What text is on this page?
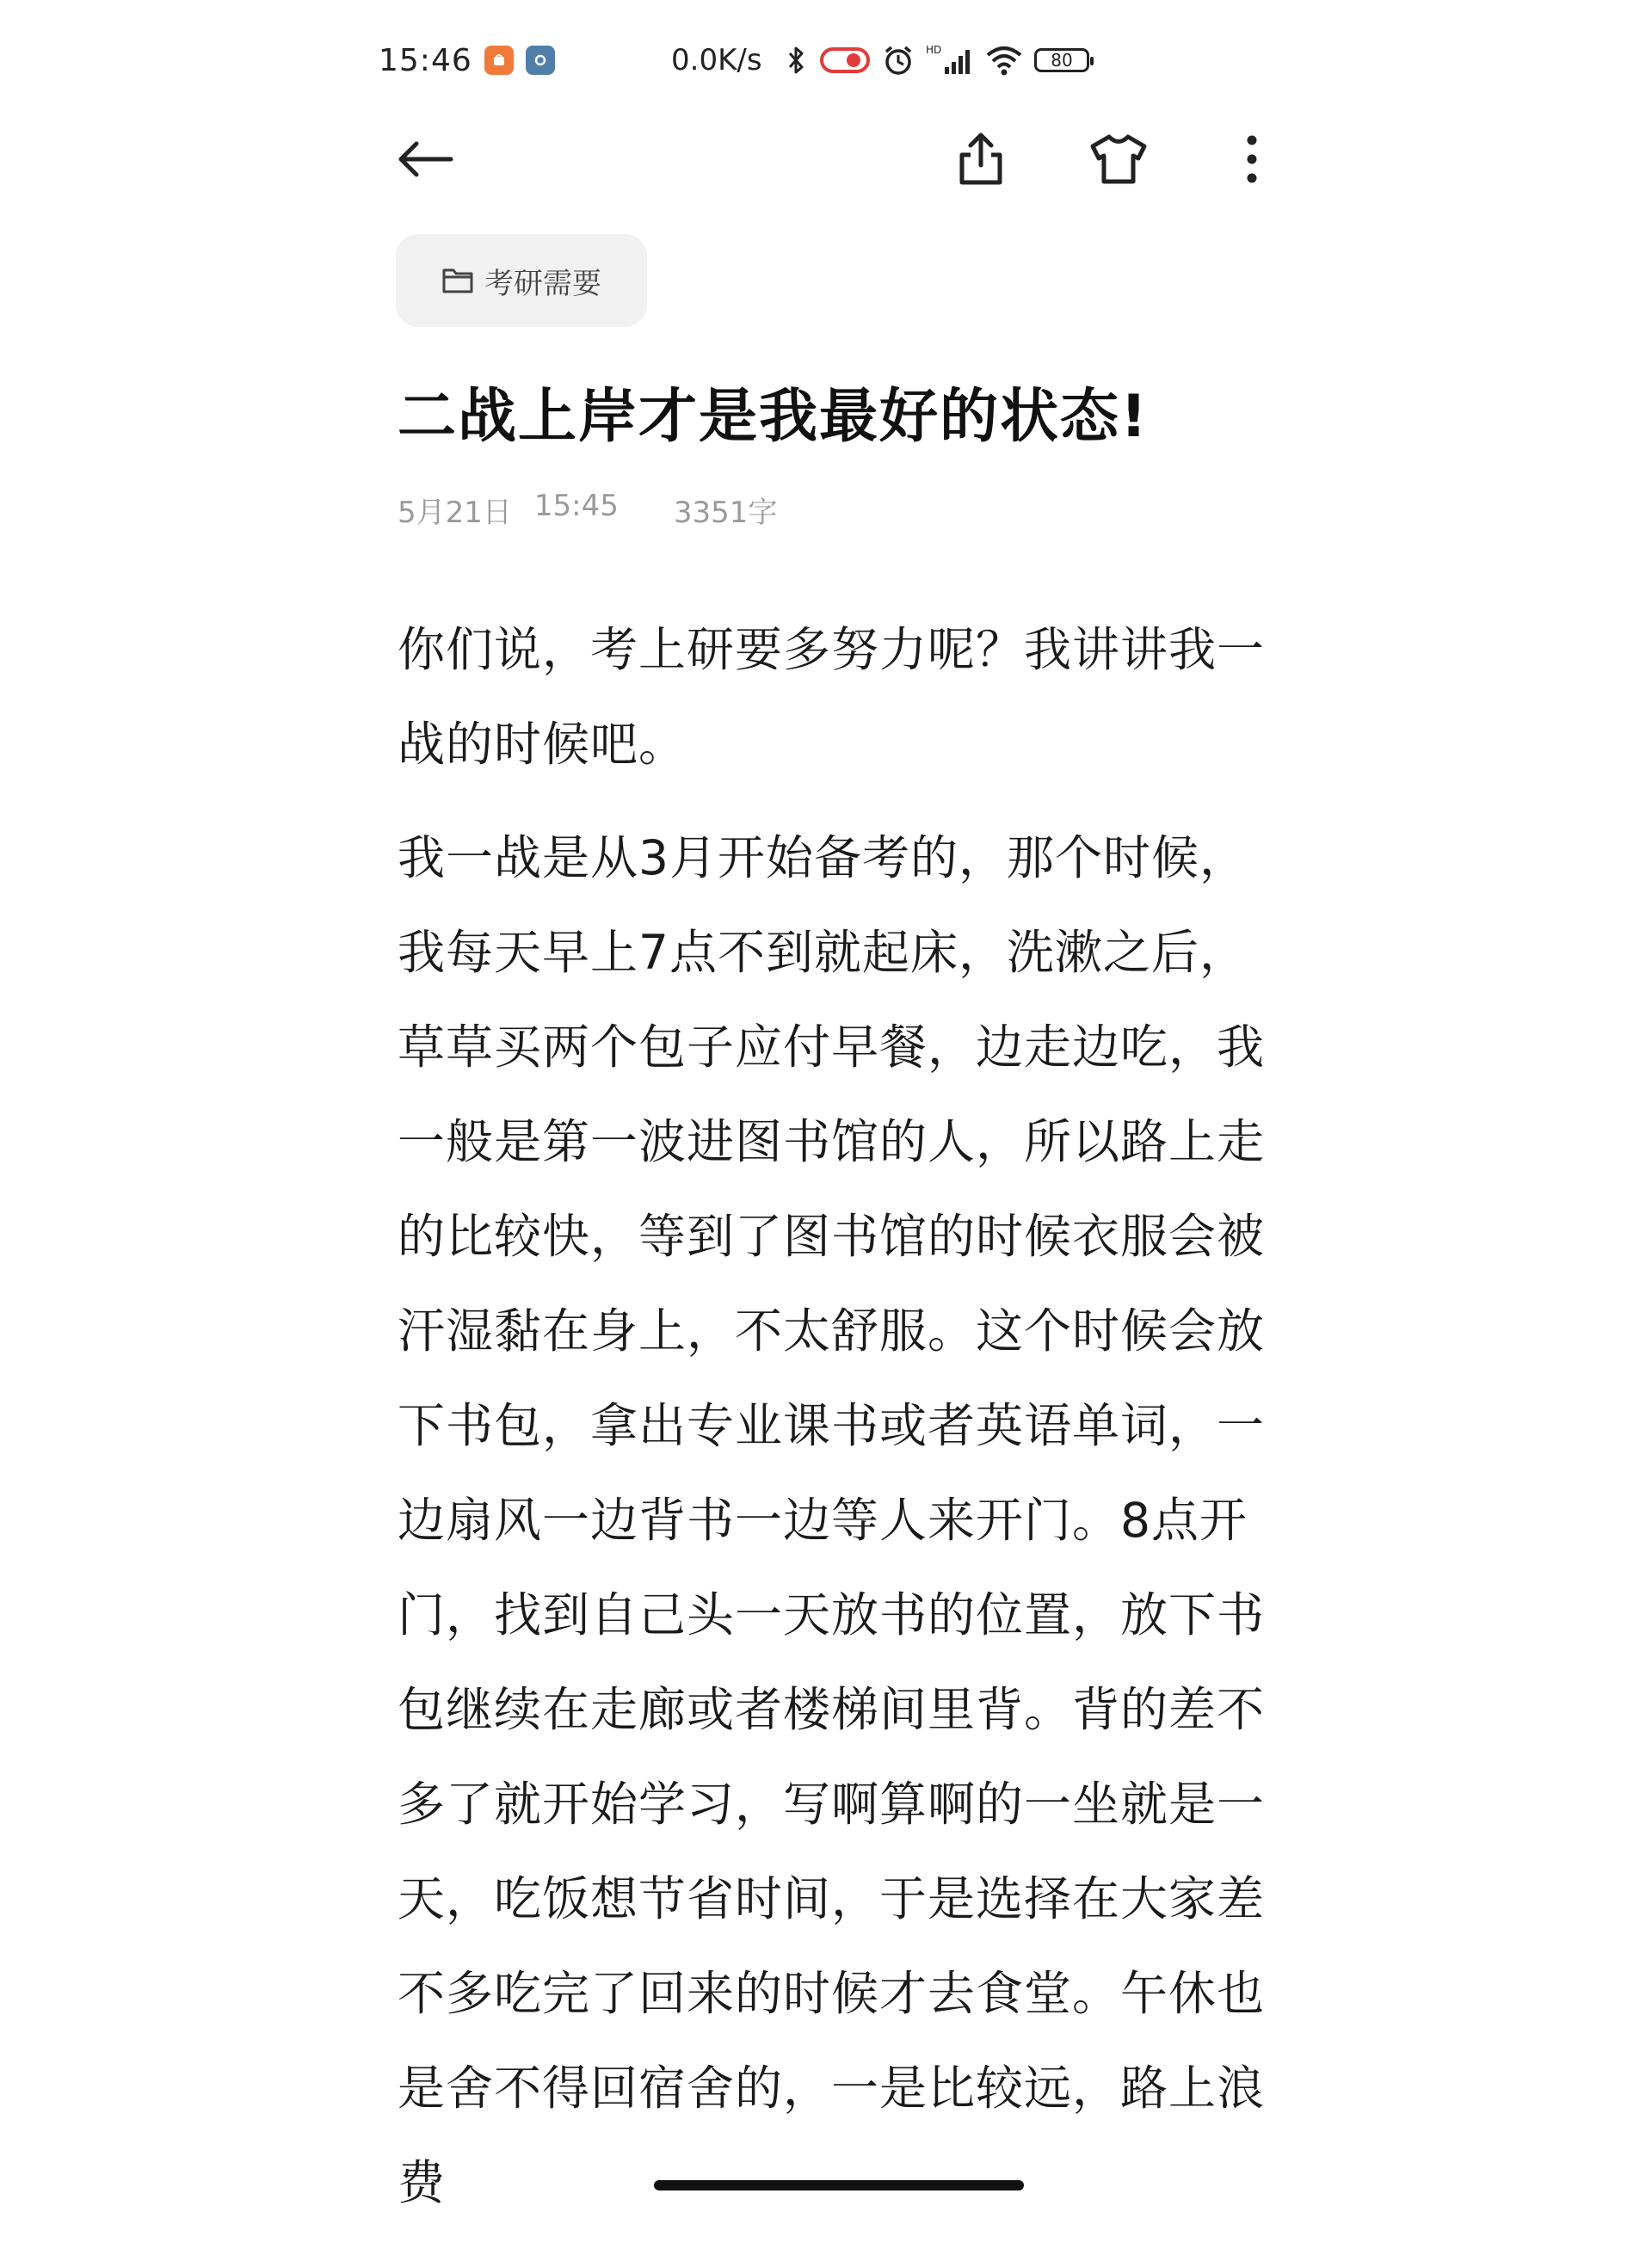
15:46	0.0K/s	HD	80
考研需要
二战上岸才是我最好的状态!
5月21日 15:45 3351字

你们说，考上研要多努力呢？我讲讲我一战的时候吧。

我一战是从3月开始备考的，那个时候，我每天早上7点不到就起床，洗漱之后，草草买两个包子应付早餐，边走边吃，我一般是第一波进图书馆的人，所以路上走的比较快，等到了图书馆的时候衣服会被汗湿黏在身上，不太舒服。这个时候会放下书包，拿出专业课书或者英语单词，一边扇风一边背书一边等人来开门。8点开门，找到自己头一天放书的位置，放下书包继续在走廊或者楼梯间里背。背的差不多了就开始学习，写啊算啊的一坐就是一天，吃饭想节省时间，于是选择在大家差不多吃完了回来的时候才去食堂。午休也是舍不得回宿舍的，一是比较远，路上浪费
